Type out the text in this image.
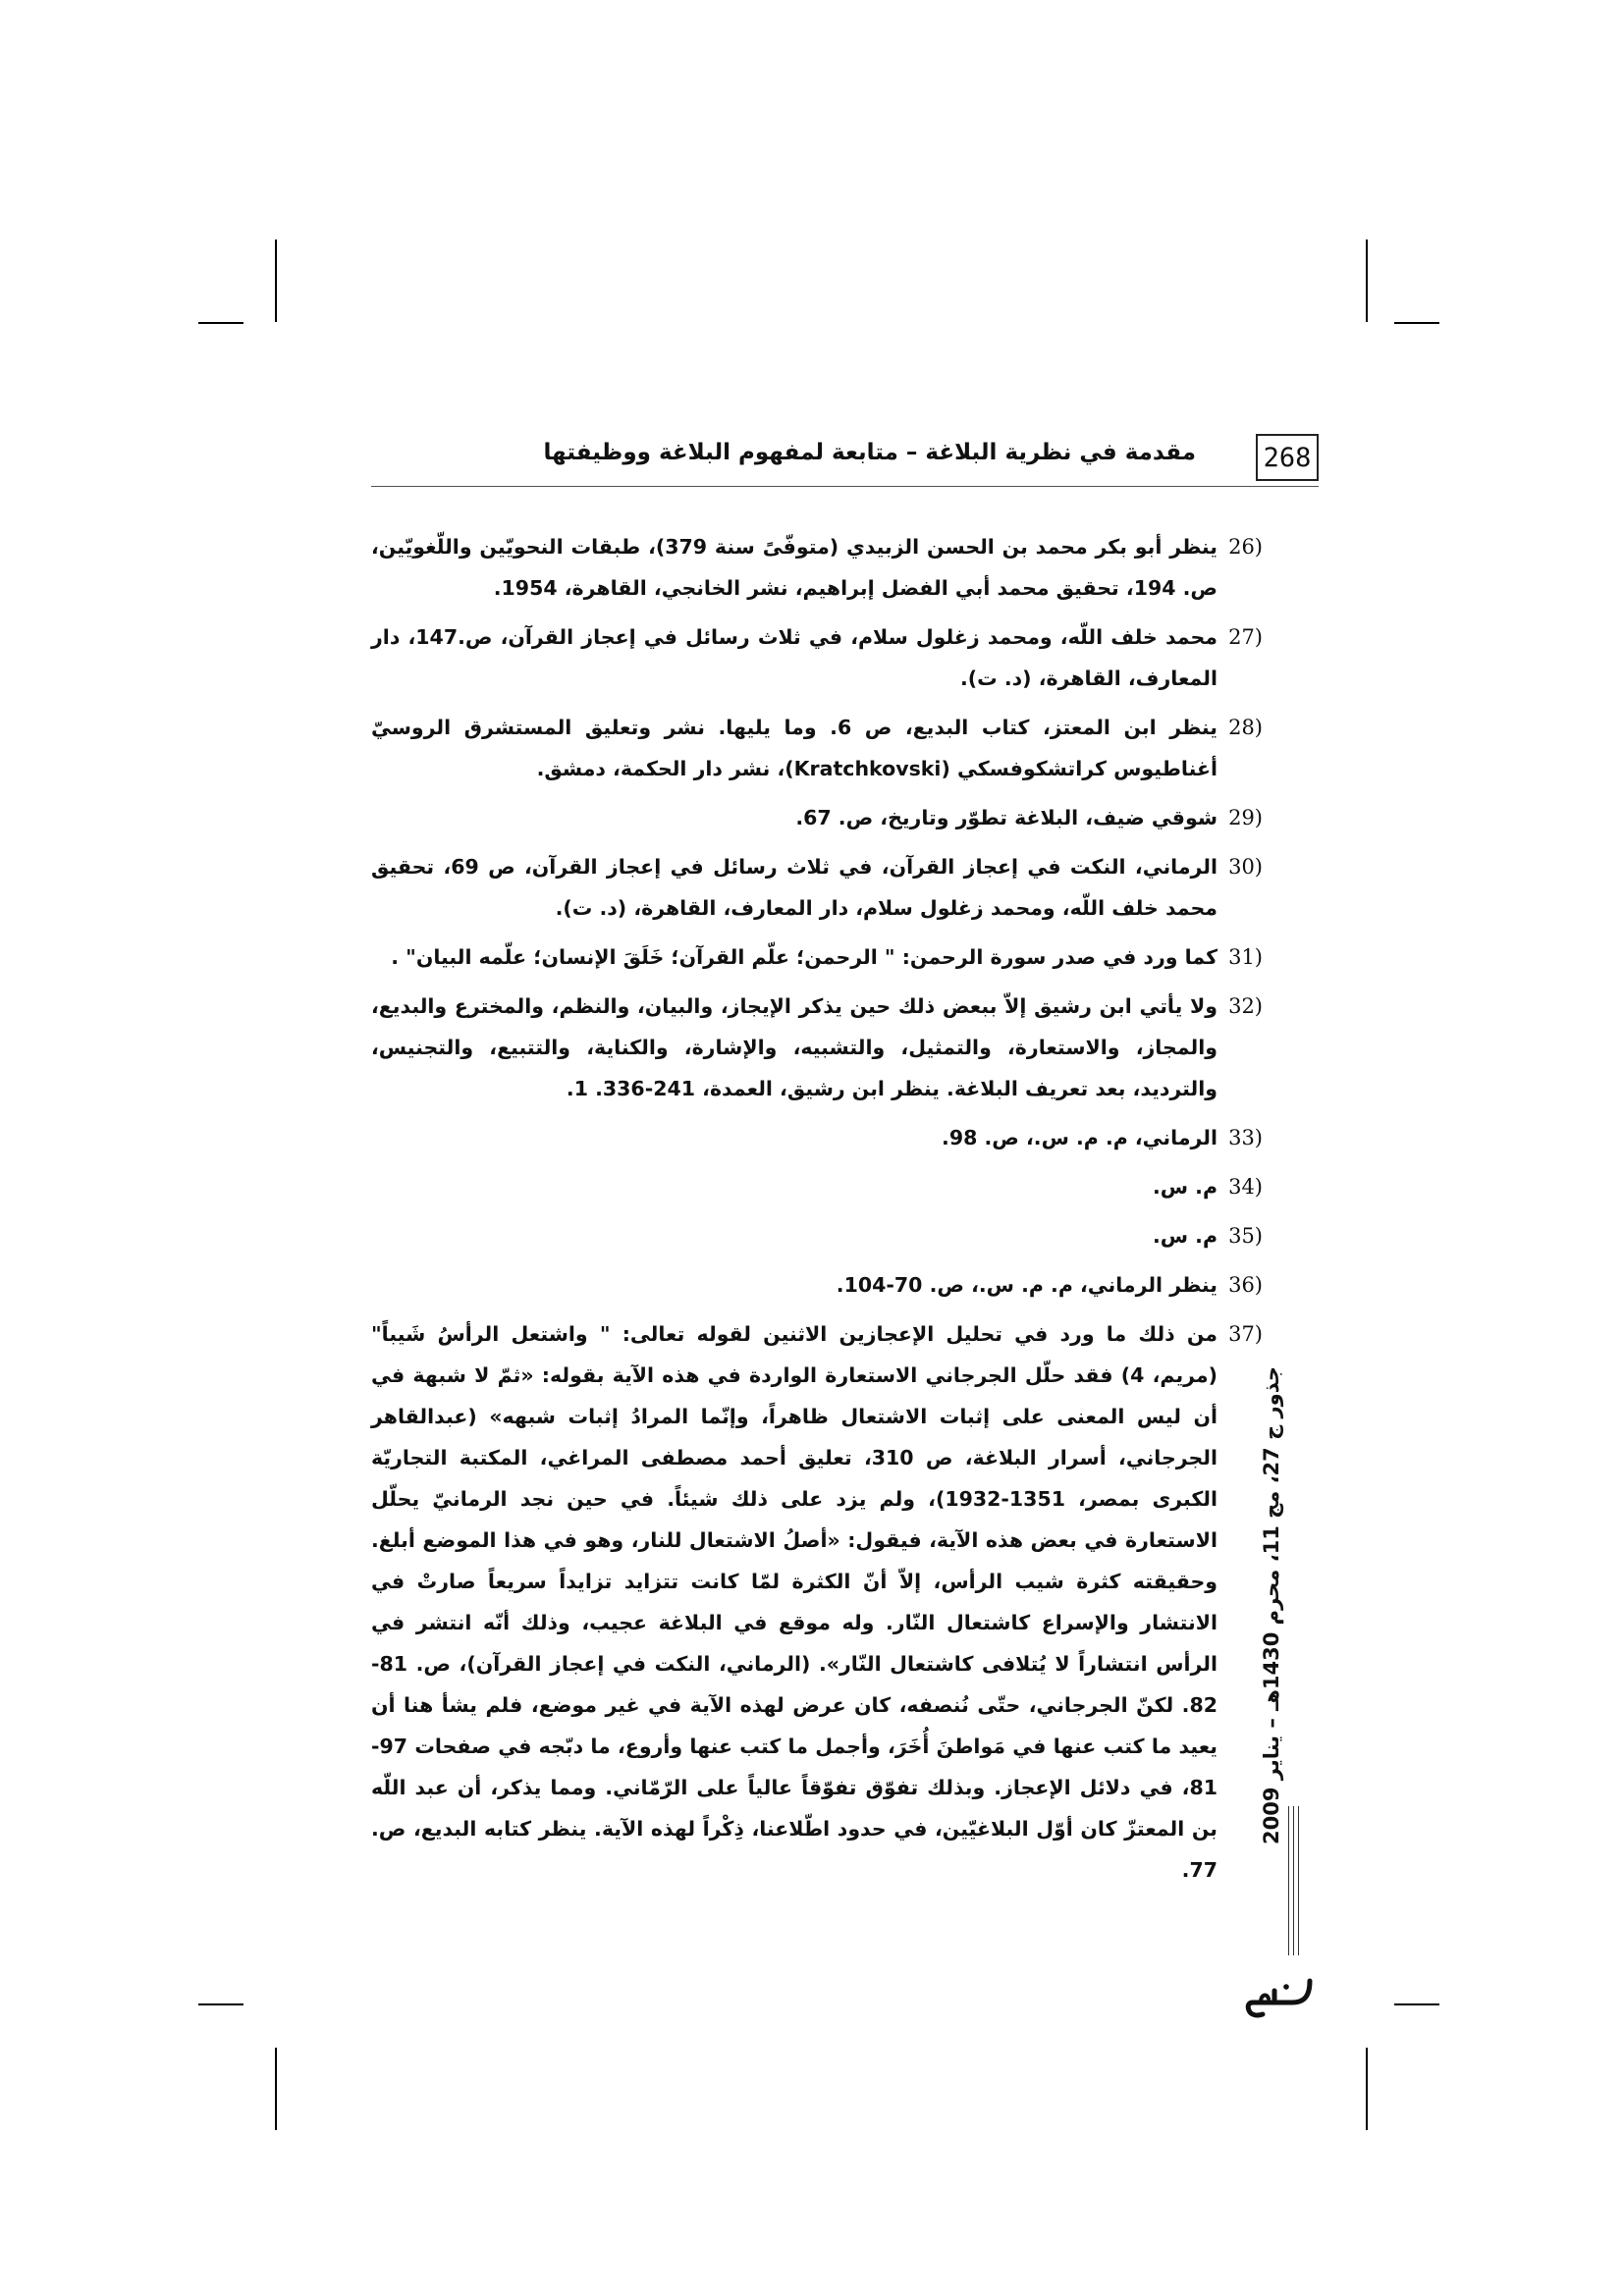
مقدمة في نظرية البلاغة – متابعة لمفهوم البلاغة ووظيفتها	268
26)
ينظر أبو بكر محمد بن الحسن الزبيدي (متوفّىً سنة 379)، طبقات النحويّين واللّغويّين، ص. 194، تحقيق محمد أبي الفضل إبراهيم، نشر الخانجي، القاهرة، 1954.
27)
محمد خلف اللّه، ومحمد زغلول سلام، في ثلاث رسائل في إعجاز القرآن، ص.147، دار المعارف، القاهرة، (د. ت).
28)
ينظر ابن المعتز، كتاب البديع، ص 6. وما يليها. نشر وتعليق المستشرق الروسيّ أغناطيوس كراتشكوفسكي (Kratchkovski)، نشر دار الحكمة، دمشق.
29)
شوقي ضيف، البلاغة تطوّر وتاريخ، ص. 67.
30)
الرماني، النكت في إعجاز القرآن، في ثلاث رسائل في إعجاز القرآن، ص 69، تحقيق محمد خلف اللّه، ومحمد زغلول سلام، دار المعارف، القاهرة، (د. ت).
31)
كما ورد في صدر سورة الرحمن: " الرحمن؛ علّم القرآن؛ خَلَقَ الإنسان؛ علّمه البيان" .
32)
ولا يأتي ابن رشيق إلاّ ببعض ذلك حين يذكر الإيجاز، والبيان، والنظم، والمخترع والبديع، والمجاز، والاستعارة، والتمثيل، والتشبيه، والإشارة، والكناية، والتتبيع، والتجنيس، والترديد، بعد تعريف البلاغة. ينظر ابن رشيق، العمدة، 241-336. 1.
33)
الرماني، م. م. س.، ص. 98.
34)
م. س.
35)
م. س.
36)
ينظر الرماني، م. م. س.، ص. 70-104.
37)
من ذلك ما ورد في تحليل الإعجازين الاثنين لقوله تعالى: " واشتعل الرأسُ شَيباً" (مريم، 4) فقد حلّل الجرجاني الاستعارة الواردة في هذه الآية بقوله: «ثمّ لا شبهة في أن ليس المعنى على إثبات الاشتعال ظاهراً، وإنّما المرادُ إثبات شبهه» (عبدالقاهر الجرجاني، أسرار البلاغة، ص 310، تعليق أحمد مصطفى المراغي، المكتبة التجاريّة الكبرى بمصر، 1351-1932)، ولم يزد على ذلك شيئاً. في حين نجد الرمانيّ يحلّل الاستعارة في بعض هذه الآية، فيقول: «أصلُ الاشتعال للنار، وهو في هذا الموضع أبلغ. وحقيقته كثرة شيب الرأس، إلاّ أنّ الكثرة لمّا كانت تتزايد تزايداً سريعاً صارتْ في الانتشار والإسراع كاشتعال النّار. وله موقع في البلاغة عجيب، وذلك أنّه انتشر في الرأس انتشاراً لا يُتلافى كاشتعال النّار». (الرماني، النكت في إعجاز القرآن)، ص. 81-82. لكنّ الجرجاني، حتّى نُنصفه، كان عرض لهذه الآية في غير موضع، فلم يشأ هنا أن يعيد ما كتب عنها في مَواطنَ أُخَرَ، وأجمل ما كتب عنها وأروع، ما دبّجه في صفحات 97-81، في دلائل الإعجاز. وبذلك تفوّق تفوّقاً عالياً على الرّمّاني. ومما يذكر، أن عبد اللّه بن المعتزّ كان أوّل البلاغيّين، في حدود اطّلاعنا، ذِكْراً لهذه الآية. ينظر كتابه البديع، ص. 77.
جذور ج 27، مج 11، محرم 1430هـ – يناير 2009
